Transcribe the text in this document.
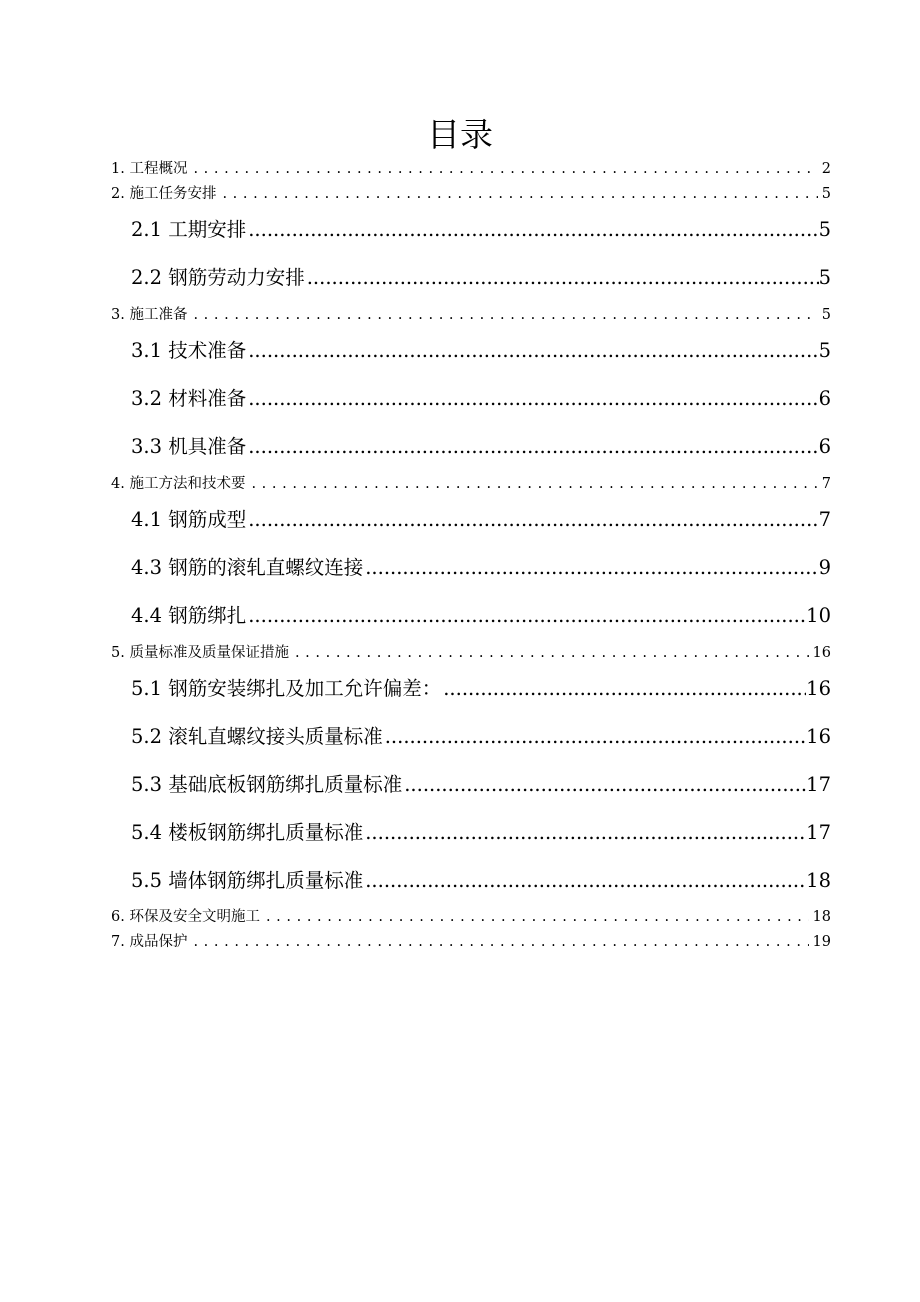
目录
1. 工程概况 . . .	2
2. 施工任务安排 . . .	5
2.1 工期安排 .....	5
2.2 钢筋劳动力安排 .....	5
3. 施工准备 . . .	5
3.1 技术准备 .....	5
3.2 材料准备 .....	6
3.3 机具准备 .....	6
4. 施工方法和技术要 . . .	7
4.1 钢筋成型 .....	7
4.3 钢筋的滚轧直螺纹连接 .....	9
4.4 钢筋绑扎 .....	10
5. 质量标准及质量保证措施 . . .	16
5.1 钢筋安装绑扎及加工允许偏差： .....	16
5.2 滚轧直螺纹接头质量标准 .....	16
5.3 基础底板钢筋绑扎质量标准 .....	17
5.4 楼板钢筋绑扎质量标准 .....	17
5.5 墙体钢筋绑扎质量标准 .....	18
6. 环保及安全文明施工 . . .	18
7. 成品保护 . . .	19
